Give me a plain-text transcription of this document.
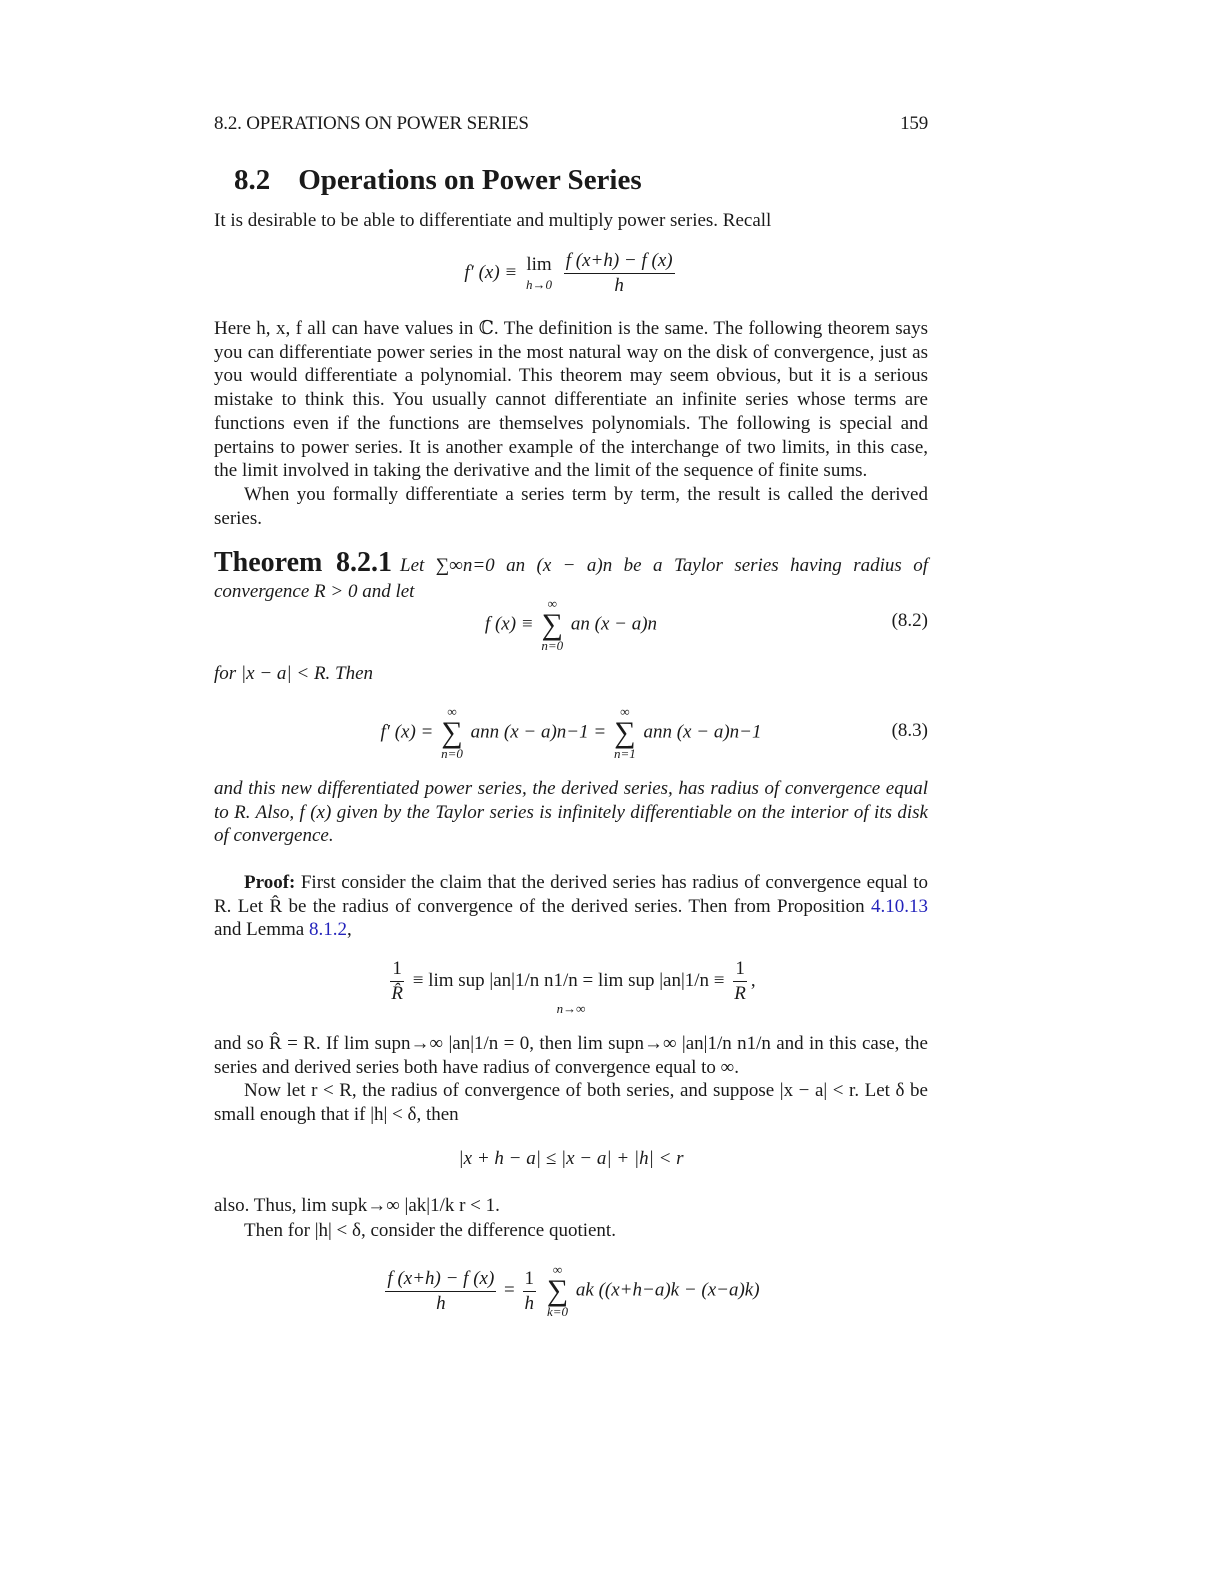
8.2. OPERATIONS ON POWER SERIES	159
8.2 Operations on Power Series
It is desirable to be able to differentiate and multiply power series. Recall
f′ (x) ≡ lim
h→0
$\frac{f (x+h) - f (x)}{h}$
Here h, x, f all can have values in ℂ. The definition is the same. The following theorem says you can differentiate power series in the most natural way on the disk of convergence, just as you would differentiate a polynomial. This theorem may seem obvious, but it is a serious mistake to think this. You usually cannot differentiate an infinite series whose terms are functions even if the functions are themselves polynomials. The following is special and pertains to power series. It is another example of the interchange of two limits, in this case, the limit involved in taking the derivative and the limit of the sequence of finite sums.
When you formally differentiate a series term by term, the result is called the derived series.
Theorem 8.2.1 Let ∑∞n=0 an (x − a)n be a Taylor series having radius of convergence R > 0 and let
f (x) ≡
∞
∑
n=0
an (x − a)n	(8.2)
for |x − a| < R. Then
f′ (x) =
∞
∑
n=0
ann (x − a)n−1 =
∞
∑
n=1
ann (x − a)n−1	(8.3)
and this new differentiated power series, the derived series, has radius of convergence equal to R. Also, f (x) given by the Taylor series is infinitely differentiable on the interior of its disk of convergence.
Proof: First consider the claim that the derived series has radius of convergence equal to R. Let R̂ be the radius of convergence of the derived series. Then from Proposition 4.10.13 and Lemma 8.1.2,
$\frac{1}{R̂} \equiv \lim$ sup |an|1/n n1/n = lim sup $|an|1/n \equiv \frac{1}{R}$ ,
n→∞
and so R̂ = R. If lim supn→∞ |an|1/n = 0, then lim supn→∞ |an|1/n n1/n and in this case, the series and derived series both have radius of convergence equal to ∞.
Now let r < R, the radius of convergence of both series, and suppose |x − a| < r. Let δ be small enough that if |h| < δ, then
|x + h − a| ≤ |x − a| + |h| < r
also. Thus, lim supk→∞ |ak|1/k r < 1.
Then for |h| < δ, consider the difference quotient.
$\frac{f (x+h) - f (x)}{h} = \frac{1}{h}$
∞
∑
k=0
ak ((x+h−a)k − (x−a)k)
